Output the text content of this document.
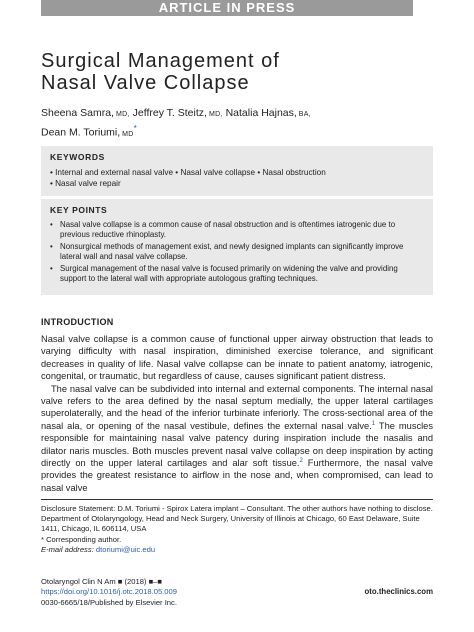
ARTICLE IN PRESS
Surgical Management of
Nasal Valve Collapse
Sheena Samra, MD, Jeffrey T. Steitz, MD, Natalia Hajnas, BA,
Dean M. Toriumi, MD*
KEYWORDS
• Internal and external nasal valve • Nasal valve collapse • Nasal obstruction
• Nasal valve repair
KEY POINTS
• Nasal valve collapse is a common cause of nasal obstruction and is oftentimes iatrogenic due to previous reductive rhinoplasty.
• Nonsurgical methods of management exist, and newly designed implants can significantly improve lateral wall and nasal valve collapse.
• Surgical management of the nasal valve is focused primarily on widening the valve and providing support to the lateral wall with appropriate autologous grafting techniques.
INTRODUCTION

Nasal valve collapse is a common cause of functional upper airway obstruction that leads to varying difficulty with nasal inspiration, diminished exercise tolerance, and significant decreases in quality of life. Nasal valve collapse can be innate to patient anatomy, iatrogenic, congenital, or traumatic, but regardless of cause, causes significant patient distress.

The nasal valve can be subdivided into internal and external components. The internal nasal valve refers to the area defined by the nasal septum medially, the upper lateral cartilages superolaterally, and the head of the inferior turbinate inferiorly. The cross-sectional area of the nasal ala, or opening of the nasal vestibule, defines the external nasal valve.$^1$ The muscles responsible for maintaining nasal valve patency during inspiration include the nasalis and dilator naris muscles. Both muscles prevent nasal valve collapse on deep inspiration by acting directly on the upper lateral cartilages and alar soft tissue.$^2$ Furthermore, the nasal valve provides the greatest resistance to airflow in the nose and, when compromised, can lead to nasal valve

Disclosure Statement: D.M. Toriumi - Spirox Latera implant – Consultant. The other authors have nothing to disclose.

Department of Otolaryngology, Head and Neck Surgery, University of Illinois at Chicago, 60 East Delaware, Suite 1411, Chicago, IL 606114, USA

* Corresponding author.

E-mail address: dtoriumi@uic.edu

Otolaryngol Clin N Am ■ (2018) ■–■
https://doi.org/10.1016/j.otc.2018.05.009
0030-6665/18/Published by Elsevier Inc.
oto.theclinics.com
